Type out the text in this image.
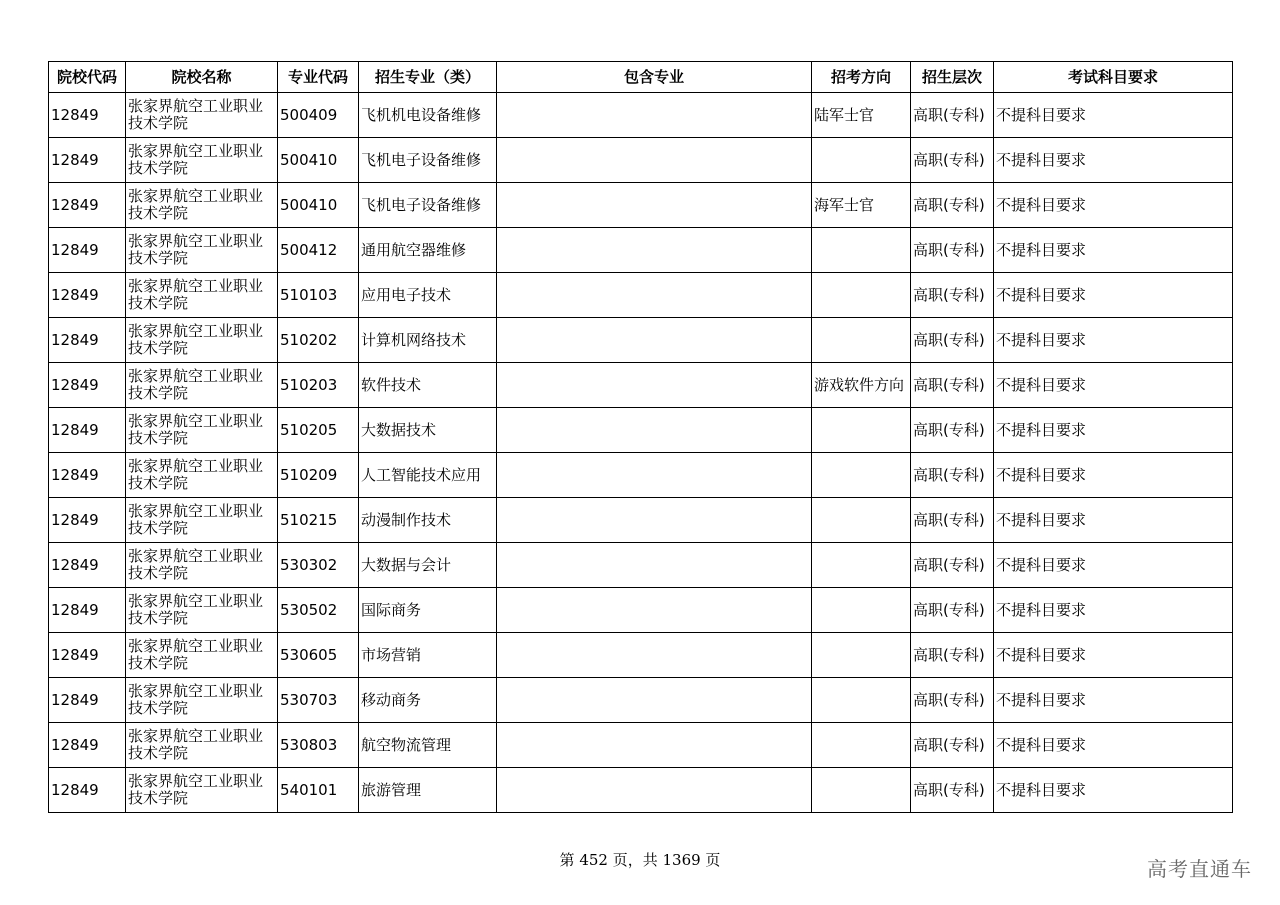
院校代码	院校名称	专业代码	招生专业（类）	包含专业	招考方向	招生层次	考试科目要求
12849	张家界航空工业职业技术学院	500409	飞机机电设备维修		陆军士官	高职(专科)	不提科目要求
12849	张家界航空工业职业技术学院	500410	飞机电子设备维修			高职(专科)	不提科目要求
12849	张家界航空工业职业技术学院	500410	飞机电子设备维修		海军士官	高职(专科)	不提科目要求
12849	张家界航空工业职业技术学院	500412	通用航空器维修			高职(专科)	不提科目要求
12849	张家界航空工业职业技术学院	510103	应用电子技术			高职(专科)	不提科目要求
12849	张家界航空工业职业技术学院	510202	计算机网络技术			高职(专科)	不提科目要求
12849	张家界航空工业职业技术学院	510203	软件技术		游戏软件方向	高职(专科)	不提科目要求
12849	张家界航空工业职业技术学院	510205	大数据技术			高职(专科)	不提科目要求
12849	张家界航空工业职业技术学院	510209	人工智能技术应用			高职(专科)	不提科目要求
12849	张家界航空工业职业技术学院	510215	动漫制作技术			高职(专科)	不提科目要求
12849	张家界航空工业职业技术学院	530302	大数据与会计			高职(专科)	不提科目要求
12849	张家界航空工业职业技术学院	530502	国际商务			高职(专科)	不提科目要求
12849	张家界航空工业职业技术学院	530605	市场营销			高职(专科)	不提科目要求
12849	张家界航空工业职业技术学院	530703	移动商务			高职(专科)	不提科目要求
12849	张家界航空工业职业技术学院	530803	航空物流管理			高职(专科)	不提科目要求
12849	张家界航空工业职业技术学院	540101	旅游管理			高职(专科)	不提科目要求
第 452 页，共 1369 页	高考直通车
